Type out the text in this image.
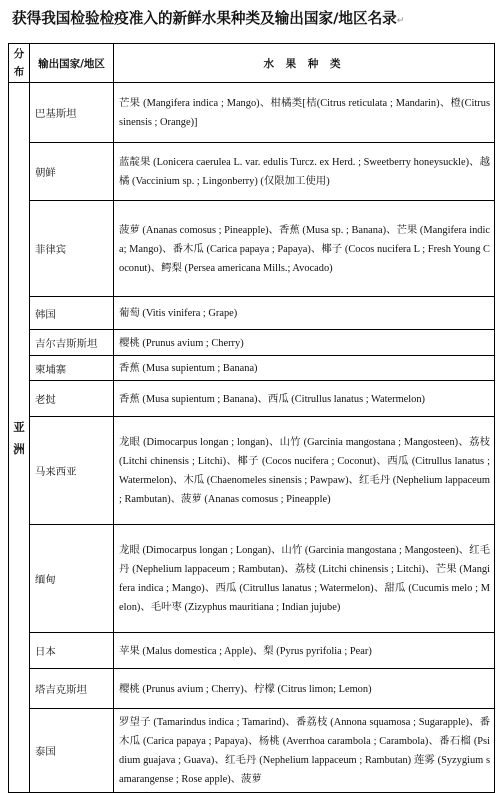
获得我国检验检疫准入的新鲜水果种类及输出国家/地区名录↵
分布	输出国家/地区	水 果 种 类
亚洲	巴基斯坦	芒果 (Mangifera indica ; Mango)、柑橘类[桔(Citrus reticulata ; Mandarin)、橙(Citrus sinensis ; Orange)]
	朝鲜	蓝靛果 (Lonicera caerulea L. var. edulis Turcz. ex Herd. ; Sweetberry honeysuckle)、越橘 (Vaccinium sp. ; Lingonberry) (仅限加工使用)
	菲律宾	菠萝 (Ananas comosus ; Pineapple)、香蕉 (Musa sp. ; Banana)、芒果 (Mangifera indica; Mango)、番木瓜 (Carica papaya ; Papaya)、椰子 (Cocos nucifera L ; Fresh Young Coconut)、鳄梨 (Persea americana Mills.; Avocado)
	韩国	葡萄 (Vitis vinifera ; Grape)
	吉尔吉斯斯坦	樱桃 (Prunus avium ; Cherry)
	柬埔寨	香蕉 (Musa supientum ; Banana)
	老挝	香蕉 (Musa supientum ; Banana)、西瓜 (Citrullus lanatus ; Watermelon)
	马来西亚	龙眼 (Dimocarpus longan ; longan)、山竹 (Garcinia mangostana ; Mangosteen)、荔枝 (Litchi chinensis ; Litchi)、椰子 (Cocos nucifera ; Coconut)、西瓜 (Citrullus lanatus ; Watermelon)、木瓜 (Chaenomeles sinensis ; Pawpaw)、红毛丹 (Nephelium lappaceum ; Rambutan)、菠萝 (Ananas comosus ; Pineapple)
	缅甸	龙眼 (Dimocarpus longan ; Longan)、山竹 (Garcinia mangostana ; Mangosteen)、红毛丹 (Nephelium lappaceum ; Rambutan)、荔枝 (Litchi chinensis ; Litchi)、芒果 (Mangifera indica ; Mango)、西瓜 (Citrullus lanatus ; Watermelon)、甜瓜 (Cucumis melo ; Melon)、毛叶枣 (Zizyphus mauritiana ; Indian jujube)
	日本	苹果 (Malus domestica ; Apple)、梨 (Pyrus pyrifolia ; Pear)
	塔吉克斯坦	樱桃 (Prunus avium ; Cherry)、柠檬 (Citrus limon; Lemon)
	泰国	罗望子 (Tamarindus indica ; Tamarind)、番荔枝 (Annona squamosa ; Sugarapple)、番木瓜 (Carica papaya ; Papaya)、杨桃 (Averrhoa carambola ; Carambola)、番石榴 (Psidium guajava ; Guava)、红毛丹 (Nephelium lappaceum ; Rambutan) 莲雾 (Syzygium samarangense ; Rose apple)、菠萝
